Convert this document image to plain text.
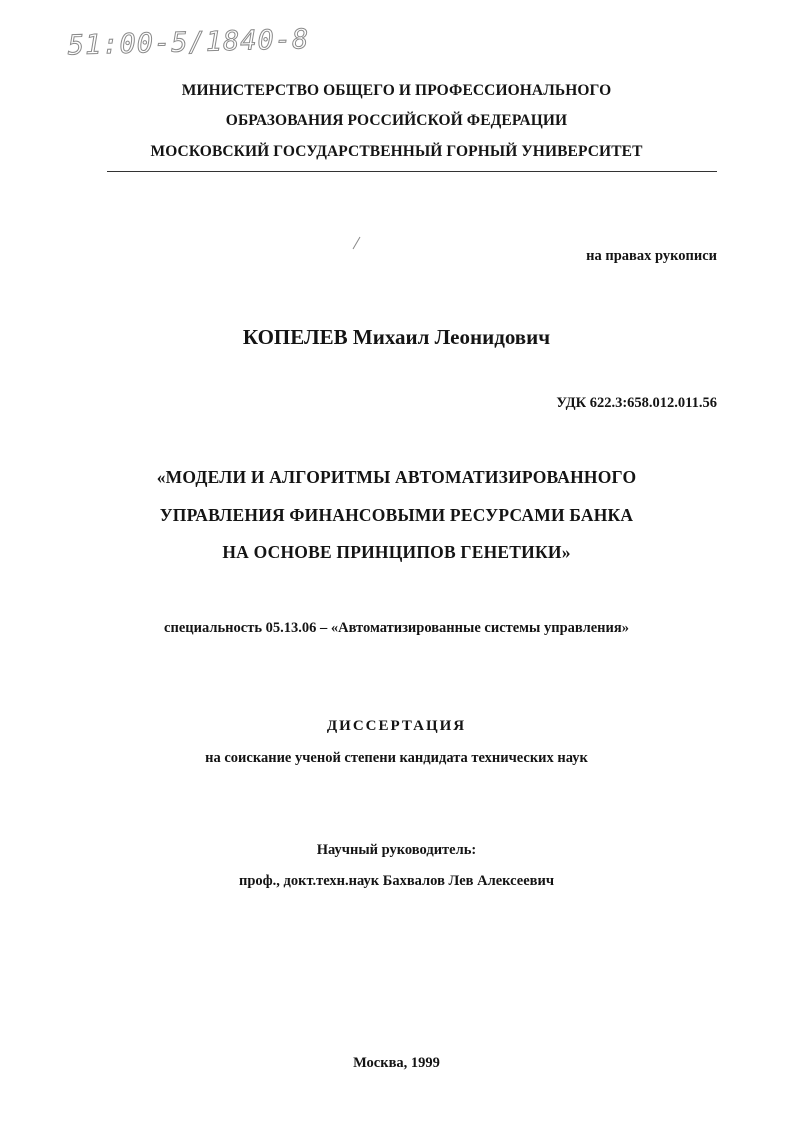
51:00-5/1840-8
МИНИСТЕРСТВО ОБЩЕГО И ПРОФЕССИОНАЛЬНОГО
ОБРАЗОВАНИЯ РОССИЙСКОЙ ФЕДЕРАЦИИ
МОСКОВСКИЙ ГОСУДАРСТВЕННЫЙ ГОРНЫЙ УНИВЕРСИТЕТ
на правах рукописи
КОПЕЛЕВ Михаил Леонидович
УДК 622.3:658.012.011.56
«МОДЕЛИ И АЛГОРИТМЫ АВТОМАТИЗИРОВАННОГО
УПРАВЛЕНИЯ ФИНАНСОВЫМИ РЕСУРСАМИ БАНКА
НА ОСНОВЕ ПРИНЦИПОВ ГЕНЕТИКИ»
специальность 05.13.06 – «Автоматизированные системы управления»
ДИССЕРТАЦИЯ
на соискание ученой степени кандидата технических наук
Научный руководитель:
проф., докт.техн.наук Бахвалов Лев Алексеевич
Москва, 1999
